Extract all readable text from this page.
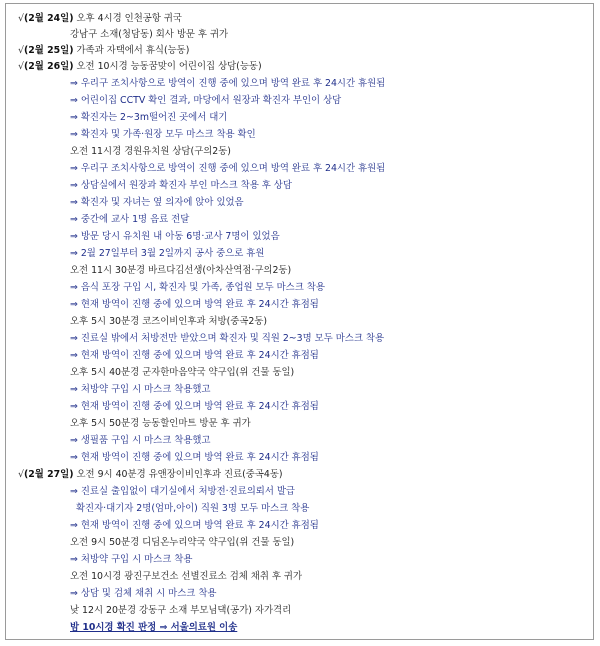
√(2월 24일) 오후 4시경 인천공항 귀국
강남구 소재(청담동) 회사 방문 후 귀가
√(2월 25일) 가족과 자택에서 휴식(능동)
√(2월 26일) 오전 10시경 능동꿈맞이 어린이집 상담(능동)
⇒ 우리구 조치사항으로 방역이 진행 중에 있으며 방역 완료 후 24시간 휴원됨
⇒ 어린이집 CCTV 확인 결과, 마당에서 원장과 확진자 부인이 상담
⇒ 확진자는 2~3m떨어진 곳에서 대기
⇒ 확진자 및 가족·원장 모두 마스크 착용 확인
오전 11시경 경원유치원 상담(구의2동)
⇒ 우리구 조치사항으로 방역이 진행 중에 있으며 방역 완료 후 24시간 휴원됨
⇒ 상담실에서 원장과 확진자 부인 마스크 착용 후 상담
⇒ 확진자 및 자녀는 옆 의자에 앉아 있었음
⇒ 중간에 교사 1명 음료 전달
⇒ 방문 당시 유치원 내 아동 6명·교사 7명이 있었음
⇒ 2월 27일부터 3월 2일까지 공사 중으로 휴원
오전 11시 30분경 바르다김선생(아차산역점·구의2동)
⇒ 음식 포장 구입 시, 확진자 및 가족, 종업원 모두 마스크 착용
⇒ 현재 방역이 진행 중에 있으며 방역 완료 후 24시간 휴점됨
오후 5시 30분경 코즈이비인후과 처방(중곡2동)
⇒ 진료실 밖에서 처방전만 받았으며 확진자 및 직원 2~3명 모두 마스크 착용
⇒ 현재 방역이 진행 중에 있으며 방역 완료 후 24시간 휴점됨
오후 5시 40분경 군자한마음약국 약구입(위 건물 동일)
⇒ 처방약 구입 시 마스크 착용했고
⇒ 현재 방역이 진행 중에 있으며 방역 완료 후 24시간 휴점됨
오후 5시 50분경 능동할인마트 방문 후 귀가
⇒ 생필품 구입 시 마스크 착용했고
⇒ 현재 방역이 진행 중에 있으며 방역 완료 후 24시간 휴점됨
√(2월 27일) 오전 9시 40분경 유앤장이비인후과 진료(중곡4동)
⇒ 진료실 출입없이 대기실에서 처방전·진료의뢰서 발급
확진자·대기자 2명(엄마,아이) 직원 3명 모두 마스크 착용
⇒ 현재 방역이 진행 중에 있으며 방역 완료 후 24시간 휴점됨
오전 9시 50분경 디딤온누리약국 약구입(위 건물 동일)
⇒ 처방약 구입 시 마스크 착용
오전 10시경 광진구보건소 선별진료소 검체 채취 후 귀가
⇒ 상담 및 검체 채취 시 마스크 착용
낮 12시 20분경 강동구 소재 부모님댁(공가) 자가격리
밤 10시경 확진 판정 ⇒ 서울의료원 이송
